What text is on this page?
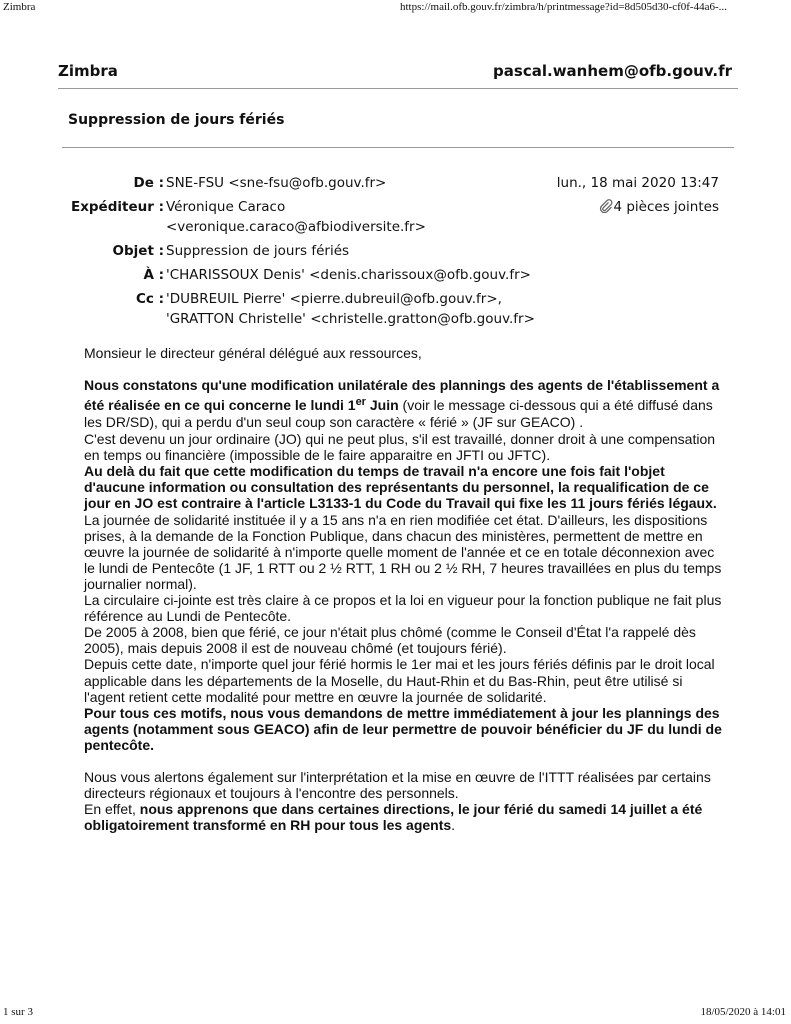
Zimbra	https://mail.ofb.gouv.fr/zimbra/h/printmessage?id=8d505d30-cf0f-44a6-...
Zimbra	pascal.wanhem@ofb.gouv.fr
Suppression de jours fériés
De : SNE-FSU <sne-fsu@ofb.gouv.fr>	lun., 18 mai 2020 13:47
Expéditeur : Véronique Caraco
<veronique.caraco@afbiodiversite.fr>
4 pièces jointes
Objet : Suppression de jours fériés
À : 'CHARISSOUX Denis' <denis.charissoux@ofb.gouv.fr>
Cc : 'DUBREUIL Pierre' <pierre.dubreuil@ofb.gouv.fr>,
'GRATTON Christelle' <christelle.gratton@ofb.gouv.fr>

Monsieur le directeur général délégué aux ressources,

Nous constatons qu'une modification unilatérale des plannings des agents de l'établissement a été réalisée en ce qui concerne le lundi 1er Juin (voir le message ci-dessous qui a été diffusé dans les DR/SD), qui a perdu d'un seul coup son caractère « férié » (JF sur GEACO) .

C'est devenu un jour ordinaire (JO) qui ne peut plus, s'il est travaillé, donner droit à une compensation en temps ou financière (impossible de le faire apparaitre en JFTI ou JFTC).

Au delà du fait que cette modification du temps de travail n'a encore une fois fait l'objet d'aucune information ou consultation des représentants du personnel, la requalification de ce jour en JO est contraire à l'article L3133-1 du Code du Travail qui fixe les 11 jours fériés légaux.

La journée de solidarité instituée il y a 15 ans n'a en rien modifiée cet état. D'ailleurs, les dispositions prises, à la demande de la Fonction Publique, dans chacun des ministères, permettent de mettre en œuvre la journée de solidarité à n'importe quelle moment de l'année et ce en totale déconnexion avec le lundi de Pentecôte (1 JF, 1 RTT ou 2 ½ RTT, 1 RH ou 2 ½ RH, 7 heures travaillées en plus du temps journalier normal).

La circulaire ci-jointe est très claire à ce propos et la loi en vigueur pour la fonction publique ne fait plus référence au Lundi de Pentecôte.

De 2005 à 2008, bien que férié, ce jour n'était plus chômé (comme le Conseil d'État l'a rappelé dès 2005), mais depuis 2008 il est de nouveau chômé (et toujours férié).

Depuis cette date, n'importe quel jour férié hormis le 1er mai et les jours fériés définis par le droit local applicable dans les départements de la Moselle, du Haut-Rhin et du Bas-Rhin, peut être utilisé si l'agent retient cette modalité pour mettre en œuvre la journée de solidarité.

Pour tous ces motifs, nous vous demandons de mettre immédiatement à jour les plannings des agents (notamment sous GEACO) afin de leur permettre de pouvoir bénéficier du JF du lundi de pentecôte.

Nous vous alertons également sur l'interprétation et la mise en œuvre de l'ITTT réalisées par certains directeurs régionaux et toujours à l'encontre des personnels.

En effet, nous apprenons que dans certaines directions, le jour férié du samedi 14 juillet a été obligatoirement transformé en RH pour tous les agents.

1 sur 3	18/05/2020 à 14:01
